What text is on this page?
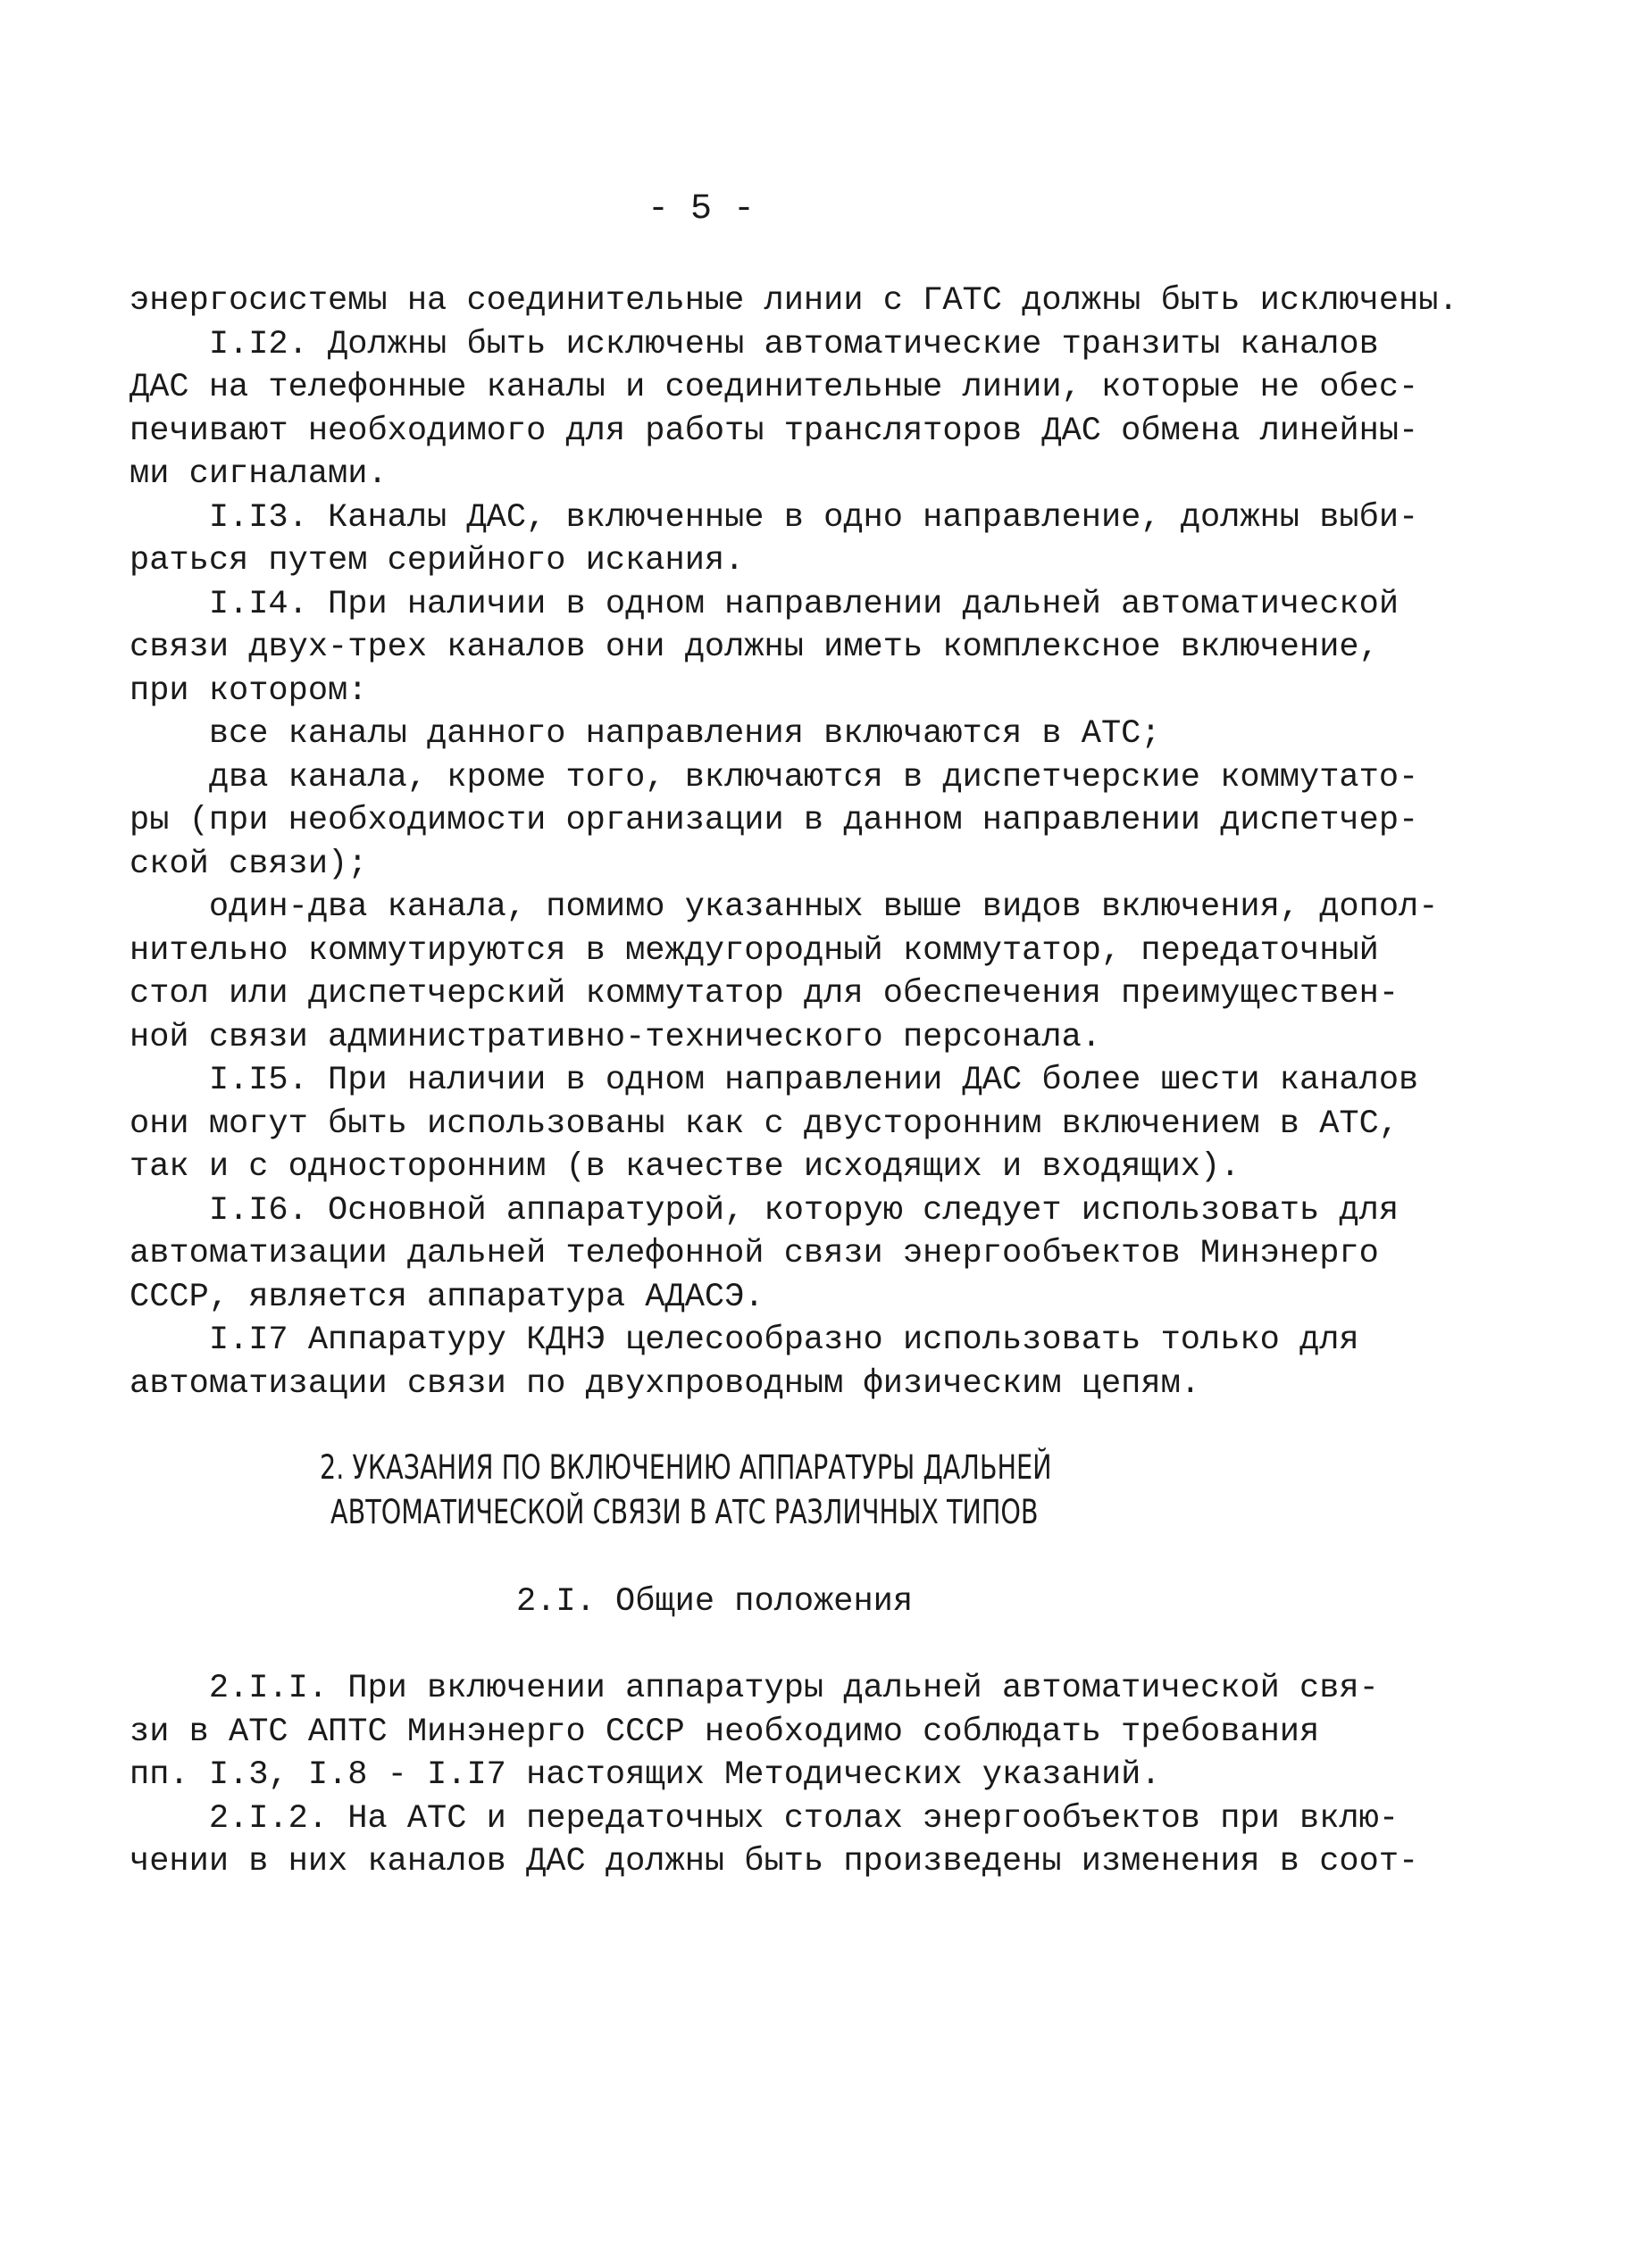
- 5 -
энергосистемы на соединительные линии с ГАТС должны быть исключены.
I.I2. Должны быть исключены автоматические транзиты каналов
ДАС на телефонные каналы и соединительные линии, которые не обес-
печивают необходимого для работы трансляторов ДАС обмена линейны-
ми сигналами.
I.I3. Каналы ДАС, включенные в одно направление, должны выби-
раться путем серийного искания.
I.I4. При наличии в одном направлении дальней автоматической
связи двух-трех каналов они должны иметь комплексное включение,
при котором:
все каналы данного направления включаются в АТС;
два канала, кроме того, включаются в диспетчерские коммутато-
ры (при необходимости организации в данном направлении диспетчер-
ской связи);
один-два канала, помимо указанных выше видов включения, допол-
нительно коммутируются в междугородный коммутатор, передаточный
стол или диспетчерский коммутатор для обеспечения преимуществен-
ной связи административно-технического персонала.
I.I5. При наличии в одном направлении ДАС более шести каналов
они могут быть использованы как с двусторонним включением в АТС,
так и с односторонним (в качестве исходящих и входящих).
I.I6. Основной аппаратурой, которую следует использовать для
автоматизации дальней телефонной связи энергообъектов Минэнерго
СССР, является аппаратура АДАСЭ.
I.I7 Аппаратуру КДНЭ целесообразно использовать только для
автоматизации связи по двухпроводным физическим цепям.
2. УКАЗАНИЯ ПО ВКЛЮЧЕНИЮ АППАРАТУРЫ ДАЛЬНЕЙ
АВТОМАТИЧЕСКОЙ СВЯЗИ В АТС РАЗЛИЧНЫХ ТИПОВ
2.I. Общие положения
2.I.I. При включении аппаратуры дальней автоматической свя-
зи в АТС АПТС Минэнерго СССР необходимо соблюдать требования
пп. I.3, I.8 - I.I7 настоящих Методических указаний.
2.I.2. На АТС и передаточных столах энергообъектов при вклю-
чении в них каналов ДАС должны быть произведены изменения в соот-
